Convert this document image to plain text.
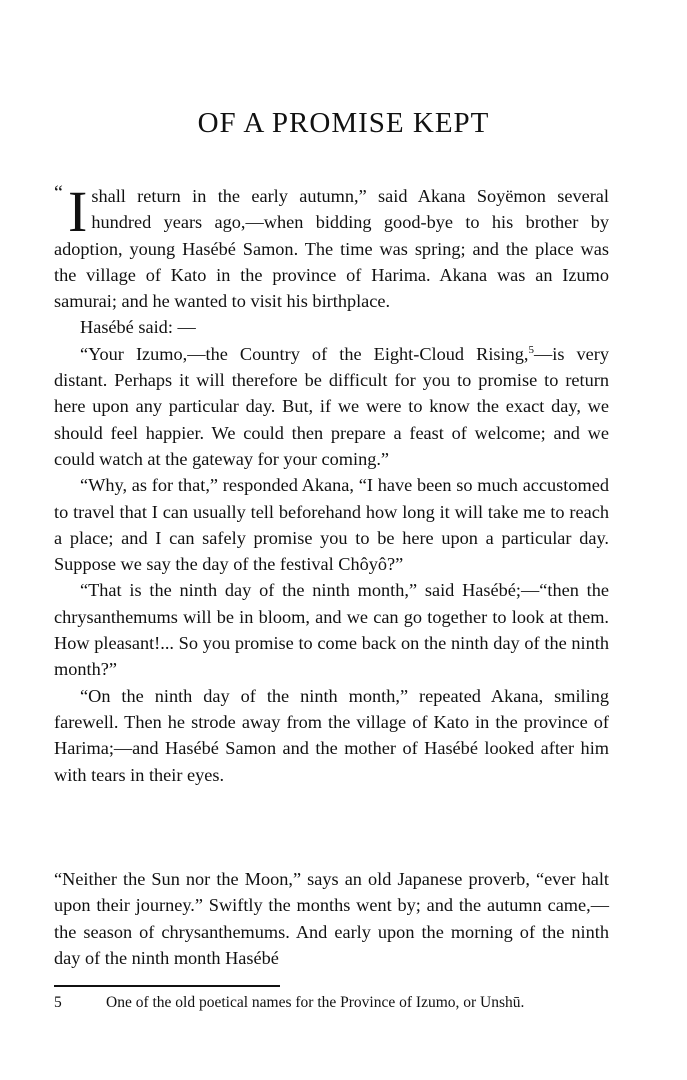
OF A PROMISE KEPT

“ I shall return in the early autumn,” said Akana Soyëmon several hundred years ago,—when bidding good-bye to his brother by adoption, young Hasébé Samon. The time was spring; and the place was the village of Kato in the province of Harima. Akana was an Izumo samurai; and he wanted to visit his birthplace.

Hasébé said: —

“Your Izumo,—the Country of the Eight-Cloud Rising,$^5$—is very distant. Perhaps it will therefore be difficult for you to promise to return here upon any particular day. But, if we were to know the exact day, we should feel happier. We could then prepare a feast of welcome; and we could watch at the gateway for your coming.”

“Why, as for that,” responded Akana, “I have been so much accustomed to travel that I can usually tell beforehand how long it will take me to reach a place; and I can safely promise you to be here upon a particular day. Suppose we say the day of the festival Chôyô?”

“That is the ninth day of the ninth month,” said Hasébé;—“then the chrysanthemums will be in bloom, and we can go together to look at them. How pleasant!... So you promise to come back on the ninth day of the ninth month?”

“On the ninth day of the ninth month,” repeated Akana, smiling farewell. Then he strode away from the village of Kato in the province of Harima;—and Hasébé Samon and the mother of Hasébé looked after him with tears in their eyes.

“Neither the Sun nor the Moon,” says an old Japanese proverb, “ever halt upon their journey.” Swiftly the months went by; and the autumn came,—the season of chrysanthemums. And early upon the morning of the ninth day of the ninth month Hasébé

5	One of the old poetical names for the Province of Izumo, or Unshū.
